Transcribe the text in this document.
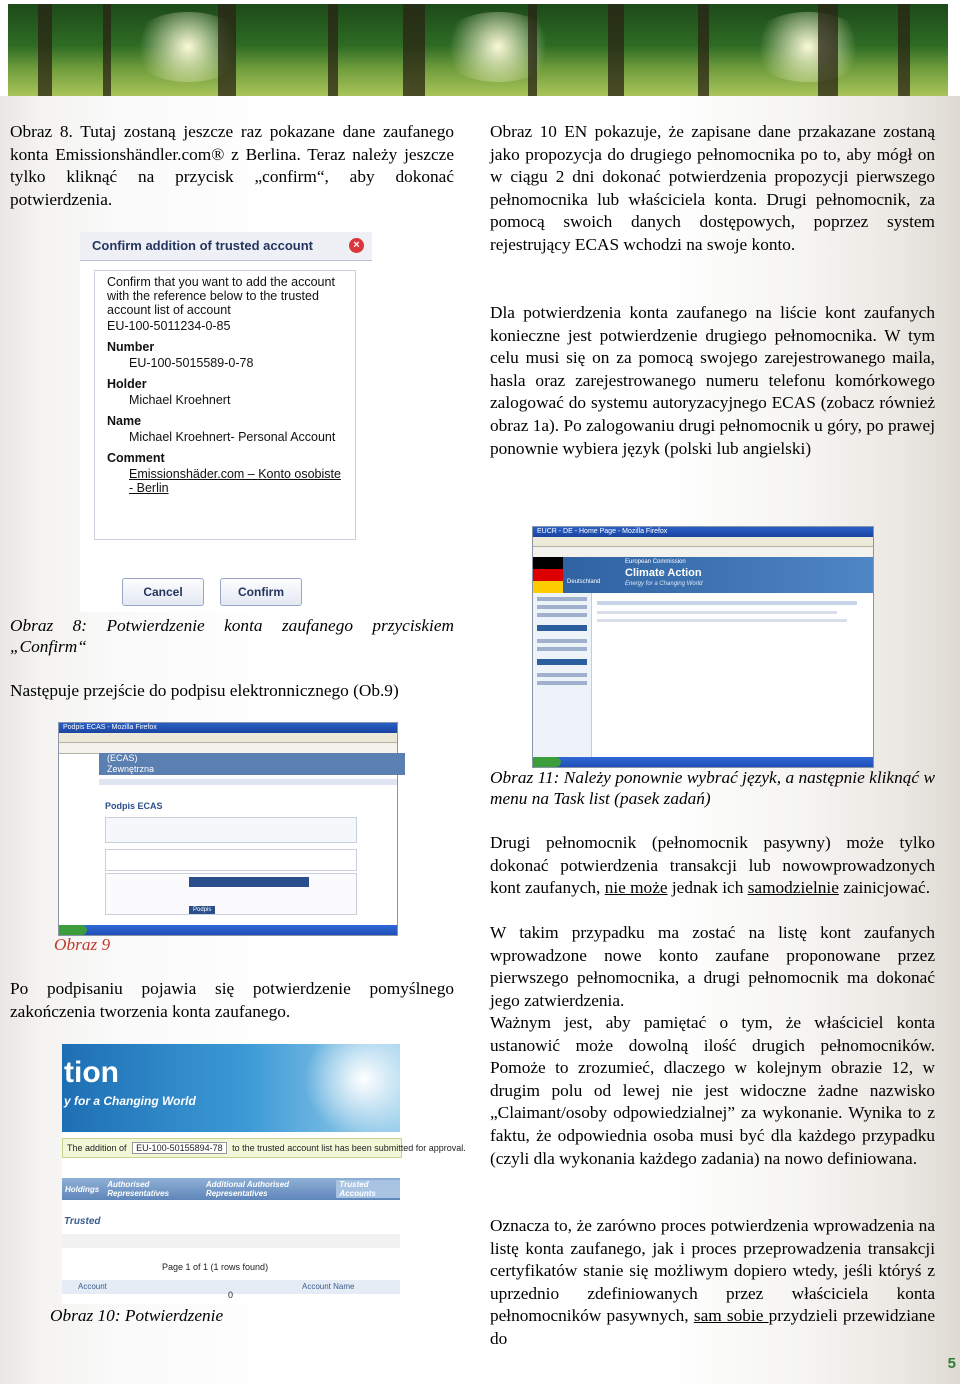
Obraz 8. Tutaj zostaną jeszcze raz pokazane dane zaufanego konta Emissionshändler.com® z Berlina. Teraz należy jeszcze tylko kliknąć na przycisk „confirm“, aby dokonać potwierdzenia.

Confirm addition of trusted account	×
Confirm that you want to add the account with the reference below to the trusted account list of account
EU-100-5011234-0-85
Number
EU-100-5015589-0-78
Holder
Michael Kroehnert
Name
Michael Kroehnert- Personal Account
Comment
Emissionshäder.com – Konto osobiste - Berlin
Cancel	Confirm

Obraz 8: Potwierdzenie konta zaufanego przyciskiem „Confirm“

Następuje przejście do podpisu elektronnicznego (Ob.9)

Podpis ECAS - Mozilla Firefox
(ECAS)
Zewnętrzna
Podpis ECAS
Podpis

Obraz 9

Po podpisaniu pojawia się potwierdzenie pomyślnego zakończenia tworzenia konta zaufanego.

tion
y for a Changing World
The addition of EU-100-50155894-78 to the trusted account list has been submitted for approval.
Holdings	Authorised Representatives
Additional Authorised Representatives
Trusted Accounts
Trusted
Page 1 of 1 (1 rows found)
Account	Account Name
0

Obraz 10: Potwierdzenie

Obraz 10 EN pokazuje, że zapisane dane przakazane zostaną jako propozycja do drugiego pełnomocnika po to, aby mógł on w ciągu 2 dni dokonać potwierdzenia propozycji pierwszego pełnomocnika lub właściciela konta. Drugi pełnomocnik, za pomocą swoich danych dostępowych, poprzez system rejestrujący ECAS wchodzi na swoje konto.

Dla potwierdzenia konta zaufanego na liście kont zaufanych konieczne jest potwierdzenie drugiego pełnomocnika. W tym celu musi się on za pomocą swojego zarejestrowanego maila, hasla oraz zarejestrowanego numeru telefonu komórkowego zalogować do systemu autoryzacyjnego ECAS (zobacz również obraz 1a). Po zalogowaniu drugi pełnomocnik u góry, po prawej ponownie wybiera język (polski lub angielski)

EUCR - DE - Home Page - Mozilla Firefox
Deutschland
European Commission
Climate Action
Energy for a Changing World

Obraz 11: Należy ponownie wybrać język, a następnie kliknąć w menu na Task list (pasek zadań)

Drugi pełnomocnik (pełnomocnik pasywny) może tylko dokonać potwierdzenia transakcji lub nowowprowadzonych kont zaufanych, nie może jednak ich samodzielnie zainicjować.

W takim przypadku ma zostać na listę kont zaufanych wprowadzone nowe konto zaufane proponowane przez pierwszego pełnomocnika, a drugi pełnomocnik ma dokonać jego zatwierdzenia.

Ważnym jest, aby pamiętać o tym, że właściciel konta ustanowić może dowolną ilość drugich pełnomocników. Pomoże to zrozumieć, dlaczego w kolejnym obrazie 12, w drugim polu od lewej nie jest widoczne żadne nazwisko „Claimant/osoby odpowiedzialnej” za wykonanie. Wynika to z faktu, że odpowiednia osoba musi być dla każdego przypadku (czyli dla wykonania każdego zadania) na nowo definiowana.

Oznacza to, że zarówno proces potwierdzenia wprowadzenia na listę konta zaufanego, jak i proces przeprowadzenia transakcji certyfikatów stanie się możliwym dopiero wtedy, jeśli któryś z uprzednio zdefiniowanych przez właściciela konta pełnomocników pasywnych, sam sobie przydzieli przewidziane do

5
